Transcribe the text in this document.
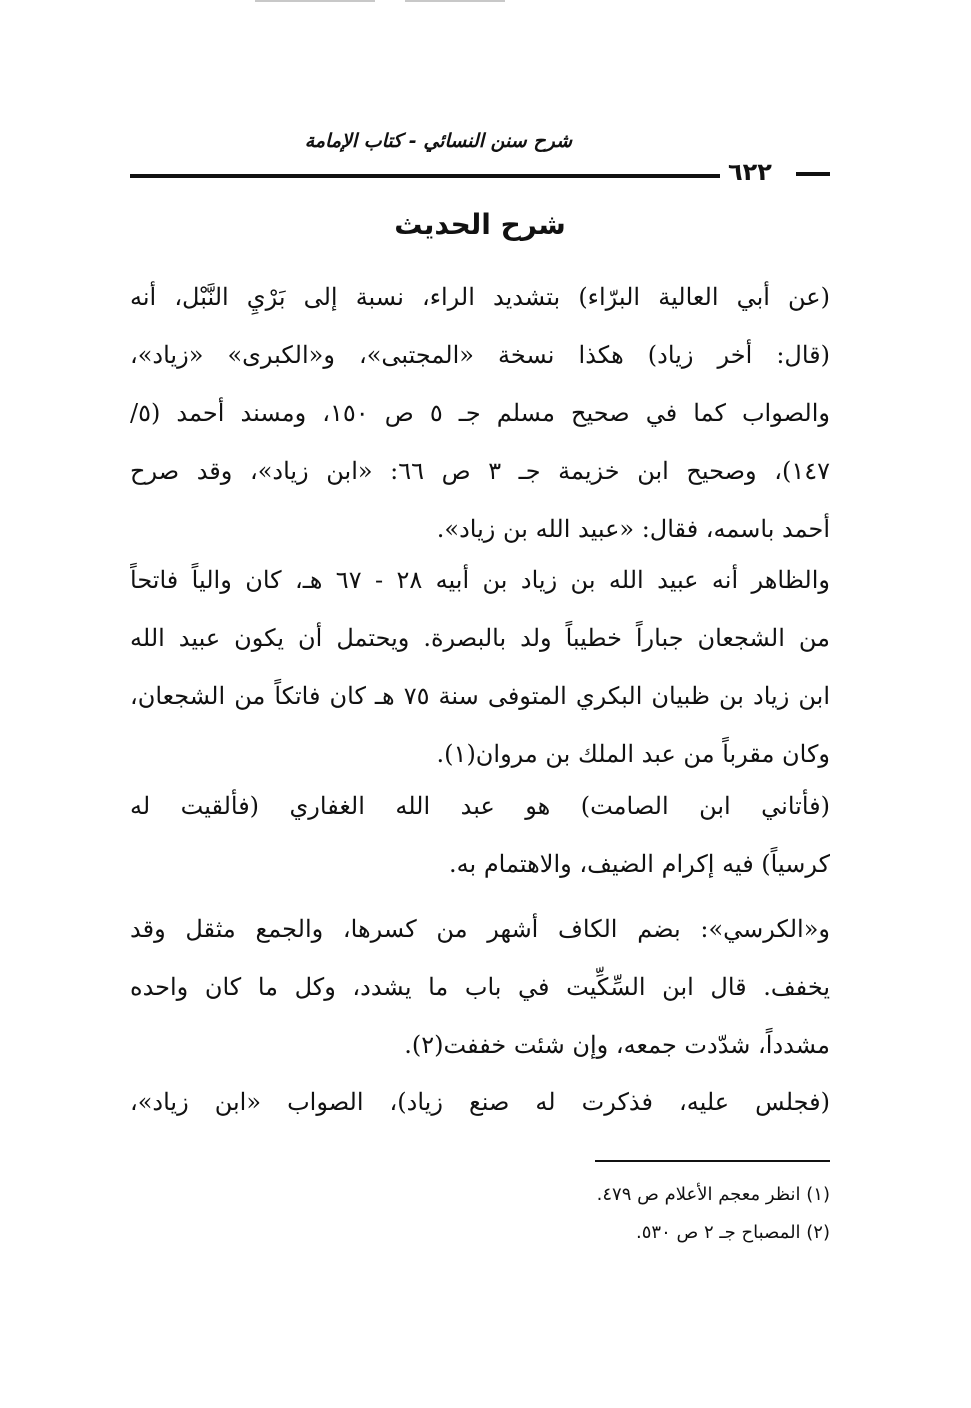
شرح سنن النسائي - كتاب الإمامة
٦٢٢
شرح الحديث
(عن أبي العالية البرّاء) بتشديد الراء، نسبة إلى بَرْيِ النَّبْل، أنه
(قال: أخر زياد) هكذا نسخة «المجتبى»، و«الكبرى» «زياد»،
والصواب كما في صحيح مسلم جـ ٥ ص ١٥٠، ومسند أحمد (٥/
١٤٧)، وصحيح ابن خزيمة جـ ٣ ص ٦٦: «ابن زياد»، وقد صرح
أحمد باسمه، فقال: «عبيد الله بن زياد».
والظاهر أنه عبيد الله بن زياد بن أبيه ٢٨ - ٦٧ هـ، كان والياً فاتحاً
من الشجعان جباراً خطيباً ولد بالبصرة. ويحتمل أن يكون عبيد الله
ابن زياد بن ظبيان البكري المتوفى سنة ٧٥ هـ كان فاتكاً من الشجعان،
وكان مقرباً من عبد الملك بن مروان(١).
(فأتاني ابن الصامت) هو عبد الله الغفاري (فألقيت له
كرسياً) فيه إكرام الضيف، والاهتمام به.
و«الكرسي»: بضم الكاف أشهر من كسرها، والجمع مثقل وقد
يخفف. قال ابن السِّكِّيت في باب ما يشدد، وكل ما كان واحده
مشدداً، شدّدت جمعه، وإن شئت خففت(٢).
(فجلس عليه، فذكرت له صنع زياد)، الصواب «ابن زياد»،
(١) انظر معجم الأعلام ص ٤٧٩.
(٢) المصباح جـ ٢ ص ٥٣٠.
